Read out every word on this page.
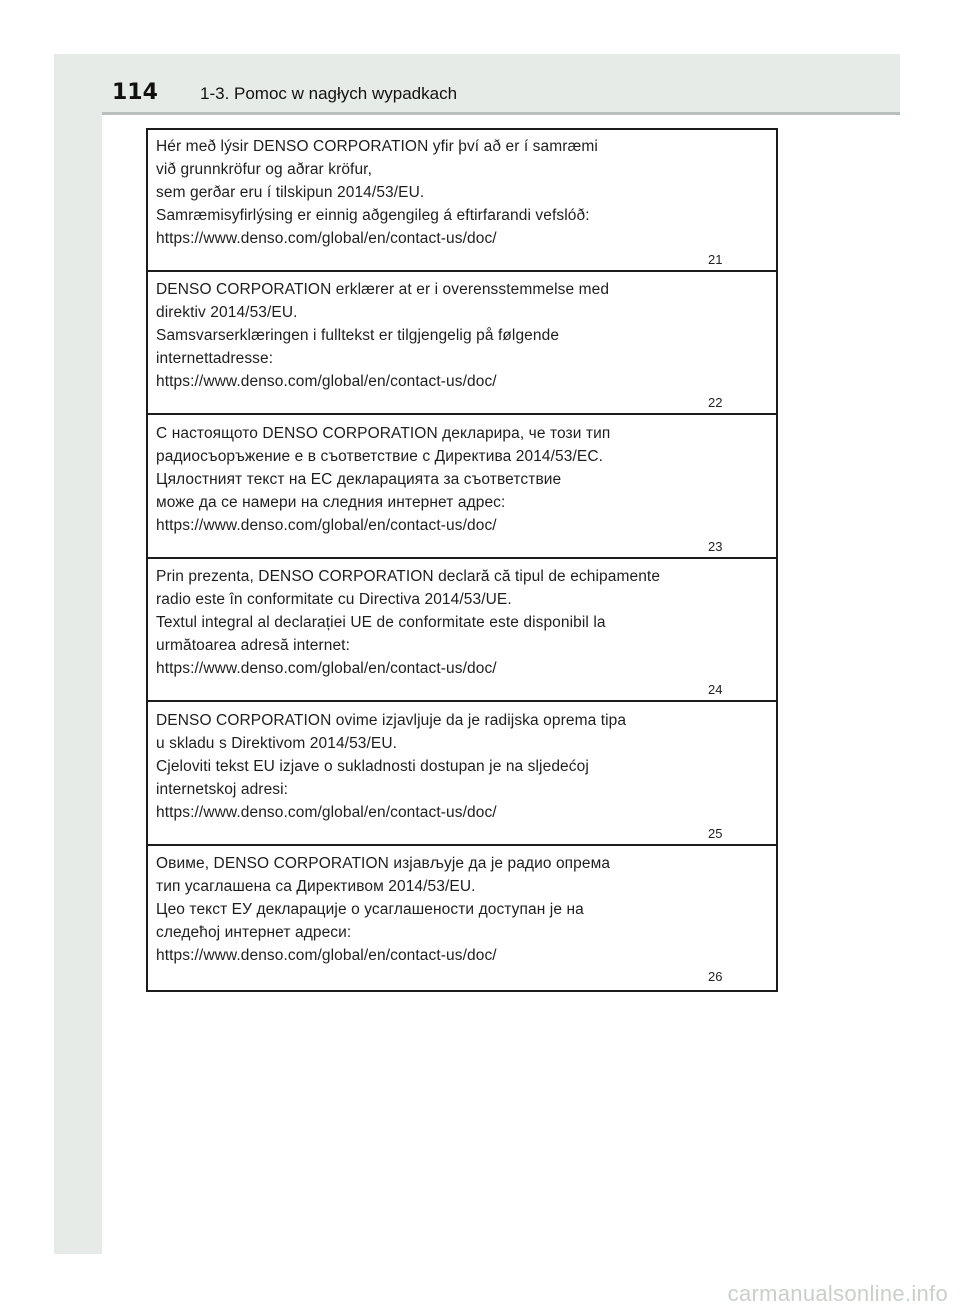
114 1-3. Pomoc w nagłych wypadkach
Hér með lýsir DENSO CORPORATION yfir því að er í samræmi
við grunnkröfur og aðrar kröfur,
sem gerðar eru í tilskipun 2014/53/EU.
Samræmisyfirlýsing er einnig aðgengileg á eftirfarandi vefslóð:
https://www.denso.com/global/en/contact-us/doc/
21
DENSO CORPORATION erklærer at er i overensstemmelse med
direktiv 2014/53/EU.
Samsvarserklæringen i fulltekst er tilgjengelig på følgende
internettadresse:
https://www.denso.com/global/en/contact-us/doc/
22
С настоящото DENSO CORPORATION декларира, че този тип
радиосъоръжение е в съответствие с Директива 2014/53/ЕС.
Цялостният текст на ЕС декларацията за съответствие
може да се намери на следния интернет адрес:
https://www.denso.com/global/en/contact-us/doc/
23
Prin prezenta, DENSO CORPORATION declară că tipul de echipamente
radio este în conformitate cu Directiva 2014/53/UE.
Textul integral al declarației UE de conformitate este disponibil la
următoarea adresă internet:
https://www.denso.com/global/en/contact-us/doc/
24
DENSO CORPORATION ovime izjavljuje da je radijska oprema tipa
u skladu s Direktivom 2014/53/EU.
Cjeloviti tekst EU izjave o sukladnosti dostupan je na sljedećoj
internetskoj adresi:
https://www.denso.com/global/en/contact-us/doc/
25
Овиме, DENSO CORPORATION изјављује да је радио опрема
тип усаглашена са Директивом 2014/53/EU.
Цео текст ЕУ декларације о усаглашености доступан је на
следећој интернет адреси:
https://www.denso.com/global/en/contact-us/doc/
26
carmanualsonline.info
